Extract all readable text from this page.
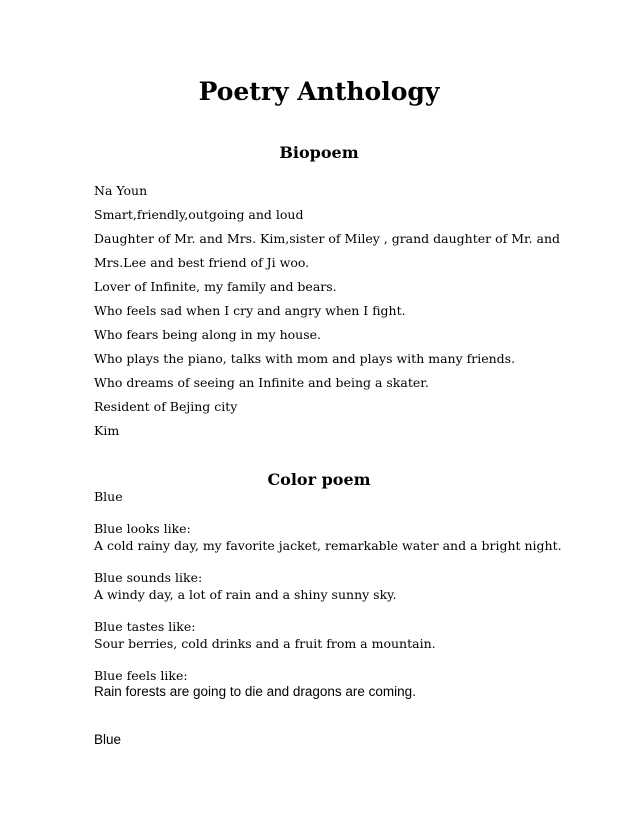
Poetry Anthology
Biopoem
Na Youn
Smart,friendly,outgoing and loud
Daughter of Mr. and Mrs. Kim,sister of Miley , grand daughter of Mr. and
Mrs.Lee and best friend of Ji woo.
Lover of Infinite, my family and bears.
Who feels sad when I cry and angry when I fight.
Who fears being along in my house.
Who plays the piano, talks with mom and plays with many friends.
Who dreams of seeing an Infinite and being a skater.
Resident of Bejing city
Kim
Color poem
Blue
Blue looks like:
A cold rainy day, my favorite jacket, remarkable water and a bright night.
Blue sounds like:
A windy day, a lot of rain and a shiny sunny sky.
Blue tastes like:
Sour berries, cold drinks and a fruit from a mountain.
Blue feels like:
Rain forests are going to die and dragons are coming.
Blue
